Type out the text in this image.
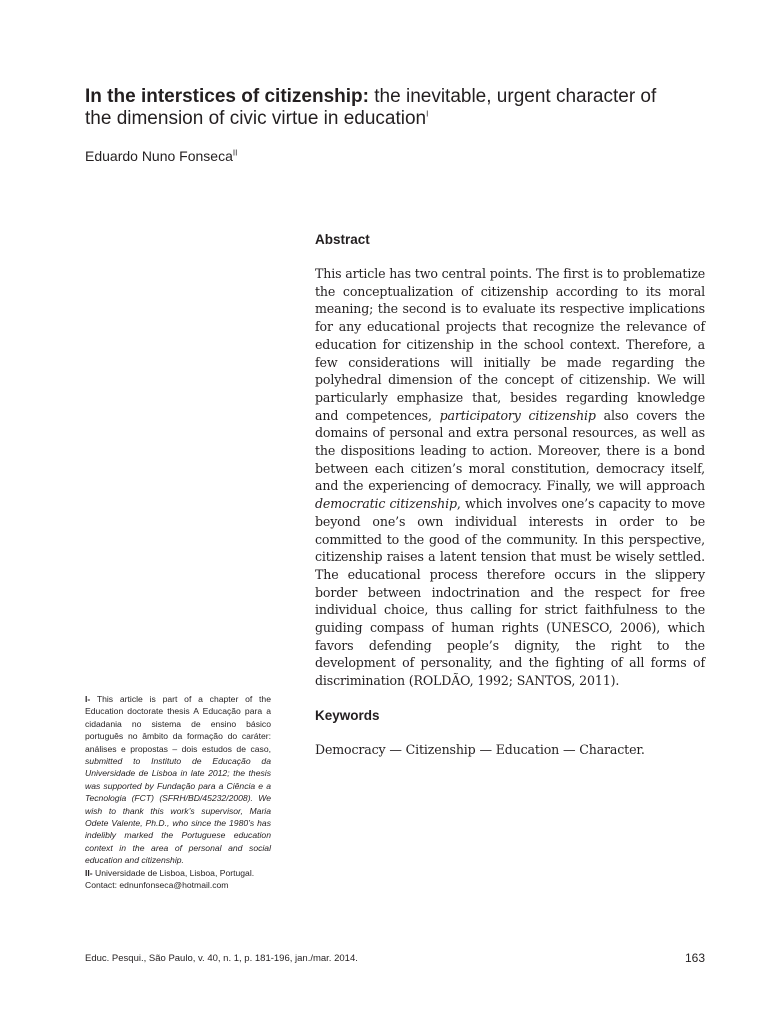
In the interstices of citizenship: the inevitable, urgent character of the dimension of civic virtue in education$^I$
Eduardo Nuno Fonseca$^{II}$
Abstract

This article has two central points. The first is to problematize the conceptualization of citizenship according to its moral meaning; the second is to evaluate its respective implications for any educational projects that recognize the relevance of education for citizenship in the school context. Therefore, a few considerations will initially be made regarding the polyhedral dimension of the concept of citizenship. We will particularly emphasize that, besides regarding knowledge and competences, participatory citizenship also covers the domains of personal and extra personal resources, as well as the dispositions leading to action. Moreover, there is a bond between each citizen’s moral constitution, democracy itself, and the experiencing of democracy. Finally, we will approach democratic citizenship, which involves one’s capacity to move beyond one’s own individual interests in order to be committed to the good of the community. In this perspective, citizenship raises a latent tension that must be wisely settled. The educational process therefore occurs in the slippery border between indoctrination and the respect for free individual choice, thus calling for strict faithfulness to the guiding compass of human rights (UNESCO, 2006), which favors defending people’s dignity, the right to the development of personality, and the fighting of all forms of discrimination (ROLDÃO, 1992; SANTOS, 2011).

Keywords
Democracy — Citizenship — Education — Character.

I- This article is part of a chapter of the Education doctorate thesis A Educação para a cidadania no sistema de ensino básico português no âmbito da formação do caráter: análises e propostas – dois estudos de caso, submitted to Instituto de Educação da Universidade de Lisboa in late 2012; the thesis was supported by Fundação para a Ciência e a Tecnologia (FCT) (SFRH/BD/45232/2008). We wish to thank this work’s supervisor, Maria Odete Valente, Ph.D., who since the 1980’s has indelibly marked the Portuguese education context in the area of personal and social education and citizenship.

II- Universidade de Lisboa, Lisboa, Portugal.

Contact: ednunfonseca@hotmail.com

Educ. Pesqui., São Paulo, v. 40, n. 1, p. 181-196, jan./mar. 2014.	163
